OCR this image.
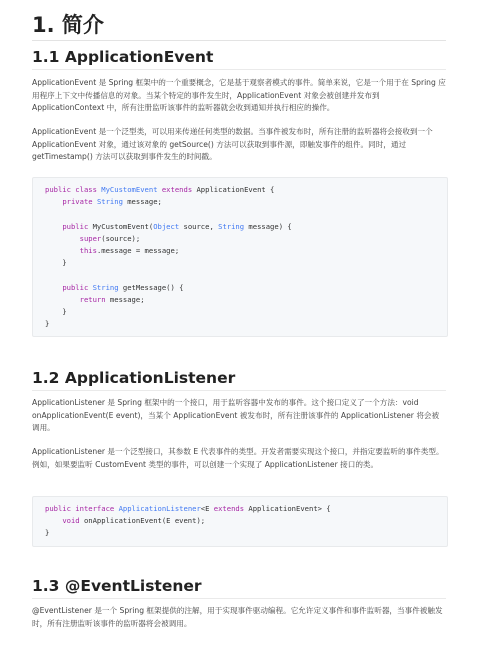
1. 简介
1.1 ApplicationEvent

ApplicationEvent 是 Spring 框架中的一个重要概念，它是基于观察者模式的事件。简单来说，它是一个用于在 Spring 应用程序上下文中传播信息的对象。当某个特定的事件发生时，ApplicationEvent 对象会被创建并发布到 ApplicationContext 中，所有注册监听该事件的监听器就会收到通知并执行相应的操作。

ApplicationEvent 是一个泛型类，可以用来传递任何类型的数据。当事件被发布时，所有注册的监听器将会接收到一个 ApplicationEvent 对象，通过该对象的 getSource() 方法可以获取到事件源，即触发事件的组件。同时，通过 getTimestamp() 方法可以获取到事件发生的时间戳。

public class MyCustomEvent extends ApplicationEvent {
private String message;

public MyCustomEvent(Object source, String message) {
super(source);
this.message = message;
}

public String getMessage() {
return message;
}
}
1.2 ApplicationListener

ApplicationListener 是 Spring 框架中的一个接口，用于监听容器中发布的事件。这个接口定义了一个方法：void onApplicationEvent(E event)，当某个 ApplicationEvent 被发布时，所有注册该事件的 ApplicationListener 将会被调用。

ApplicationListener 是一个泛型接口，其参数 E 代表事件的类型。开发者需要实现这个接口，并指定要监听的事件类型。例如，如果要监听 CustomEvent 类型的事件，可以创建一个实现了 ApplicationListener 接口的类。

public interface ApplicationListener<E extends ApplicationEvent> {
void onApplicationEvent(E event);
}
1.3 @EventListener

@EventListener 是一个 Spring 框架提供的注解，用于实现事件驱动编程。它允许定义事件和事件监听器，当事件被触发时，所有注册监听该事件的监听器将会被调用。
